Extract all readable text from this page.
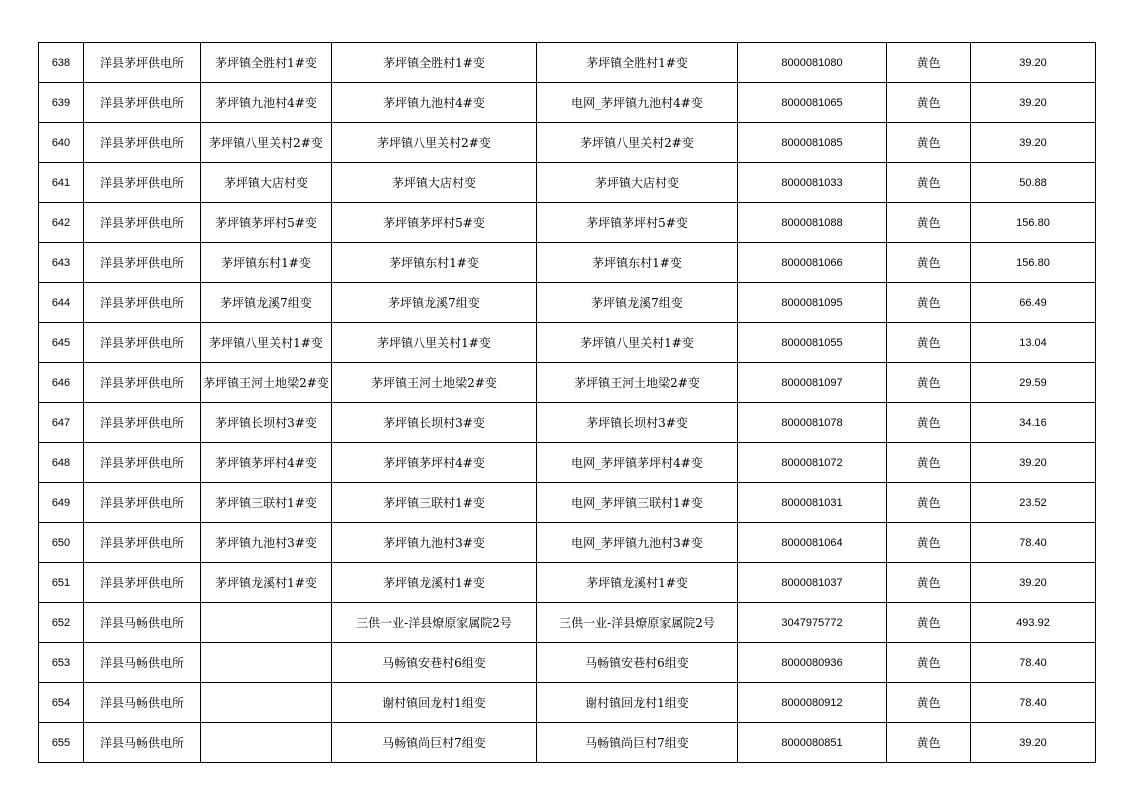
638	洋县茅坪供电所	茅坪镇全胜村1#变	茅坪镇全胜村1#变	茅坪镇全胜村1#变	8000081080	黄色	39.20
639	洋县茅坪供电所	茅坪镇九池村4#变	茅坪镇九池村4#变	电网_茅坪镇九池村4#变	8000081065	黄色	39.20
640	洋县茅坪供电所	茅坪镇八里关村2#变	茅坪镇八里关村2#变	茅坪镇八里关村2#变	8000081085	黄色	39.20
641	洋县茅坪供电所	茅坪镇大店村变	茅坪镇大店村变	茅坪镇大店村变	8000081033	黄色	50.88
642	洋县茅坪供电所	茅坪镇茅坪村5#变	茅坪镇茅坪村5#变	茅坪镇茅坪村5#变	8000081088	黄色	156.80
643	洋县茅坪供电所	茅坪镇东村1#变	茅坪镇东村1#变	茅坪镇东村1#变	8000081066	黄色	156.80
644	洋县茅坪供电所	茅坪镇龙溪7组变	茅坪镇龙溪7组变	茅坪镇龙溪7组变	8000081095	黄色	66.49
645	洋县茅坪供电所	茅坪镇八里关村1#变	茅坪镇八里关村1#变	茅坪镇八里关村1#变	8000081055	黄色	13.04
646	洋县茅坪供电所	茅坪镇王河土地梁2#变	茅坪镇王河土地梁2#变	茅坪镇王河土地梁2#变	8000081097	黄色	29.59
647	洋县茅坪供电所	茅坪镇长坝村3#变	茅坪镇长坝村3#变	茅坪镇长坝村3#变	8000081078	黄色	34.16
648	洋县茅坪供电所	茅坪镇茅坪村4#变	茅坪镇茅坪村4#变	电网_茅坪镇茅坪村4#变	8000081072	黄色	39.20
649	洋县茅坪供电所	茅坪镇三联村1#变	茅坪镇三联村1#变	电网_茅坪镇三联村1#变	8000081031	黄色	23.52
650	洋县茅坪供电所	茅坪镇九池村3#变	茅坪镇九池村3#变	电网_茅坪镇九池村3#变	8000081064	黄色	78.40
651	洋县茅坪供电所	茅坪镇龙溪村1#变	茅坪镇龙溪村1#变	茅坪镇龙溪村1#变	8000081037	黄色	39.20
652	洋县马畅供电所		三供一业-洋县燎原家属院2号	三供一业-洋县燎原家属院2号	3047975772	黄色	493.92
653	洋县马畅供电所		马畅镇安巷村6组变	马畅镇安巷村6组变	8000080936	黄色	78.40
654	洋县马畅供电所		谢村镇回龙村1组变	谢村镇回龙村1组变	8000080912	黄色	78.40
655	洋县马畅供电所		马畅镇尚巨村7组变	马畅镇尚巨村7组变	8000080851	黄色	39.20
